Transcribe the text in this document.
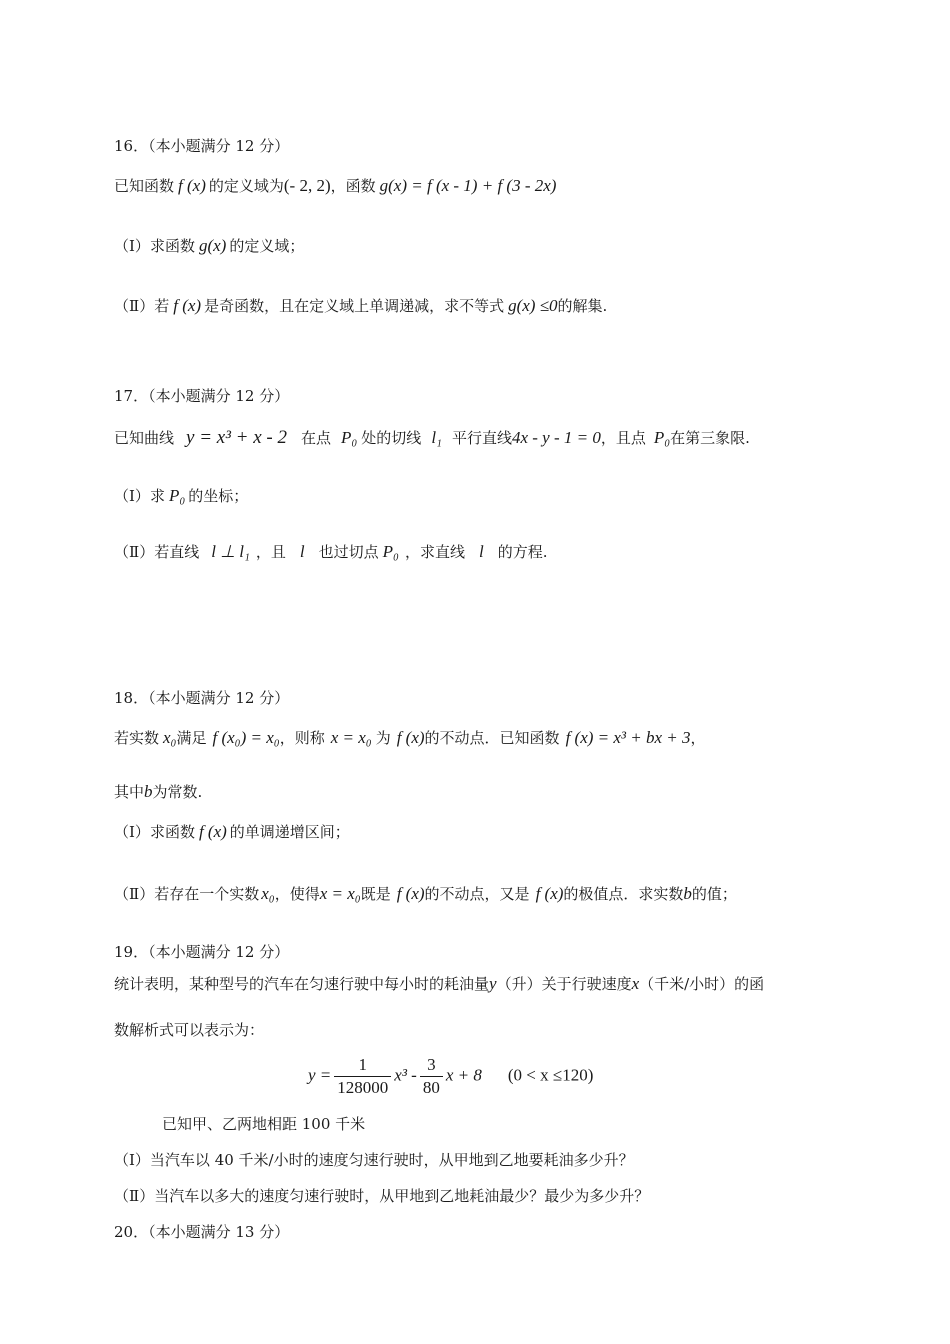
16．（本小题满分 12 分）
已知函数 f (x) 的定义域为(- 2, 2)，函数 g(x) = f (x - 1) + f (3 - 2x)
（Ⅰ）求函数 g(x) 的定义域；
（Ⅱ）若 f (x) 是奇函数，且在定义域上单调递减，求不等式 g(x) ≤0的解集.
17．（本小题满分 12 分）
已知曲线 y = x³ + x - 2 在点 P₀ 处的切线 l₁ 平行直线4x - y - 1 = 0，且点 P₀在第三象限.
（Ⅰ）求 P₀ 的坐标；
（Ⅱ）若直线 l ⊥ l₁ ，且 l 也过切点 P₀ ，求直线 l 的方程.
18．（本小题满分 12 分）
若实数 x₀满足 f (x₀) = x₀，则称 x = x₀ 为 f (x)的不动点．已知函数 f (x) = x³ + bx + 3，
其中b为常数.
（Ⅰ）求函数 f (x) 的单调递增区间；
（Ⅱ）若存在一个实数 x₀，使得x = x₀既是 f (x)的不动点，又是 f (x)的极值点．求实数b的值；
19．（本小题满分 12 分）
统计表明，某种型号的汽车在匀速行驶中每小时的耗油量y（升）关于行驶速度x（千米/小时）的函
数解析式可以表示为：
$y = \frac{1}{128000} x^3 - \frac{3}{80}$ x + 8 (0 < x ≤120)
已知甲、乙两地相距 100 千米
（Ⅰ）当汽车以 40 千米/小时的速度匀速行驶时，从甲地到乙地要耗油多少升？
（Ⅱ）当汽车以多大的速度匀速行驶时，从甲地到乙地耗油最少？最少为多少升？
20．（本小题满分 13 分）
